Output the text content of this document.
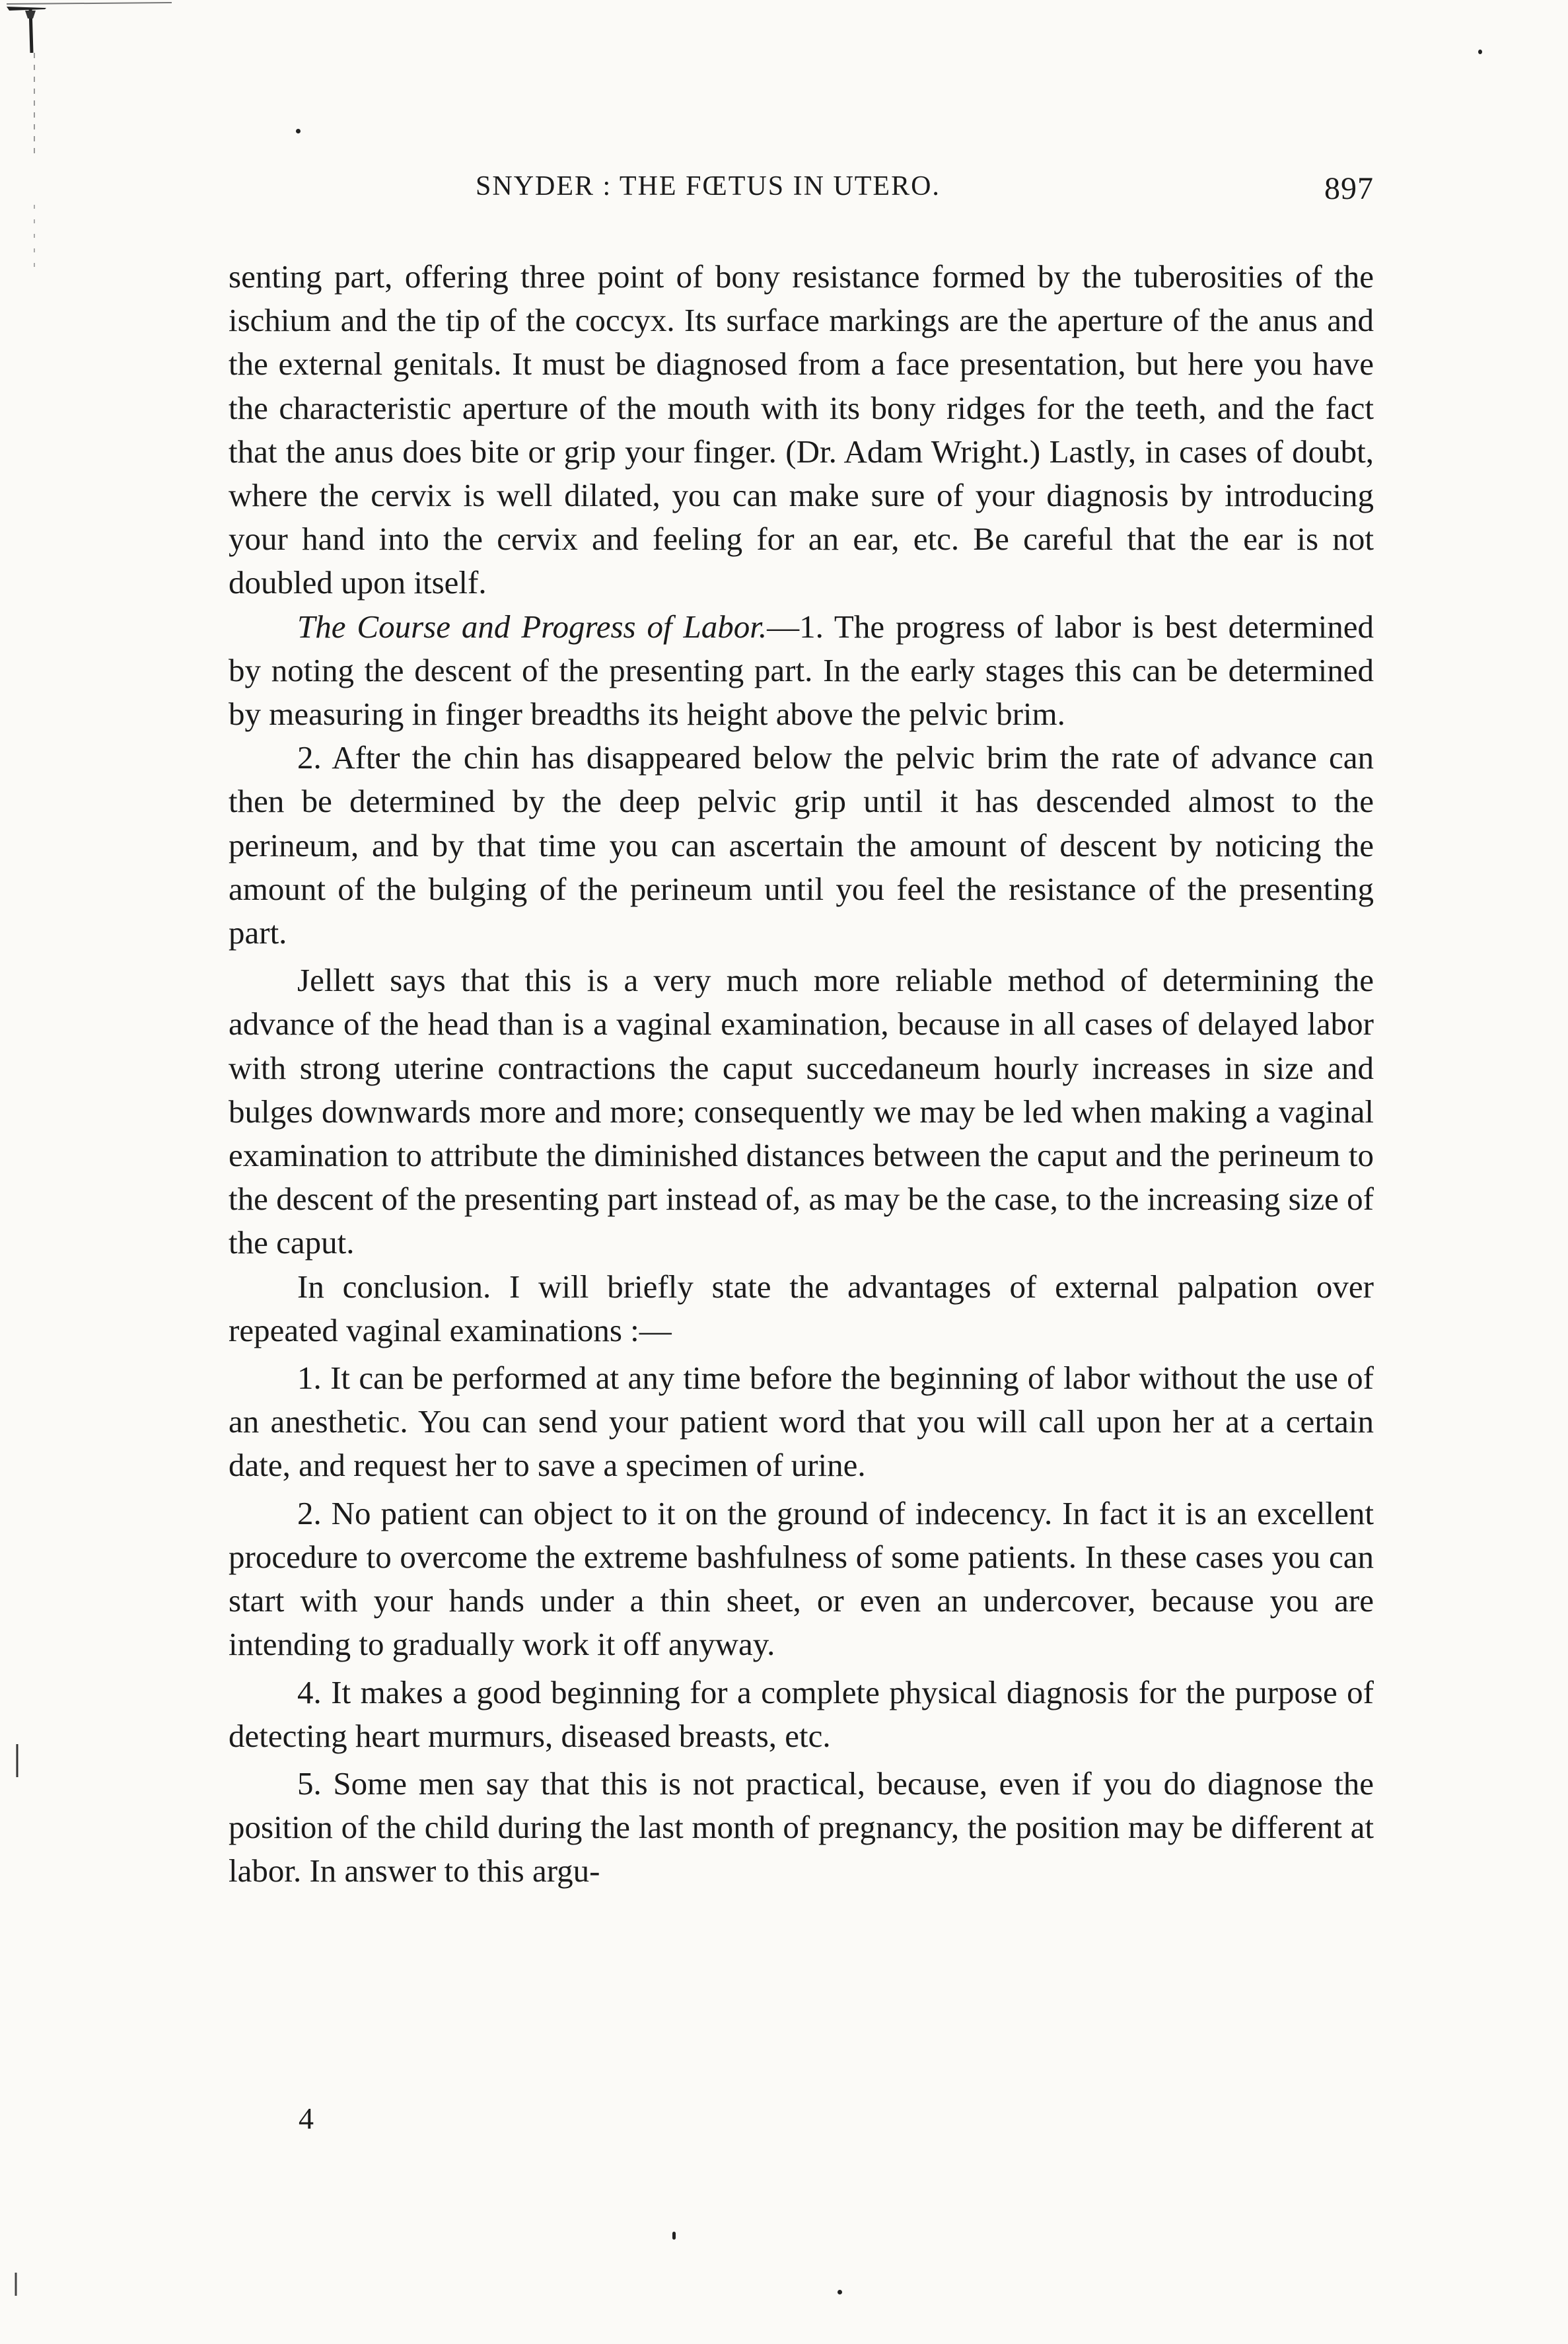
SNYDER : THE FŒTUS IN UTERO.	897

senting part, offering three point of bony resistance formed by the tuberosities of the ischium and the tip of the coccyx. Its surface markings are the aperture of the anus and the external genitals. It must be diagnosed from a face presentation, but here you have the characteristic aperture of the mouth with its bony ridges for the teeth, and the fact that the anus does bite or grip your finger. (Dr. Adam Wright.) Lastly, in cases of doubt, where the cervix is well dilated, you can make sure of your diagnosis by introducing your hand into the cervix and feeling for an ear, etc. Be careful that the ear is not doubled upon itself.

The Course and Progress of Labor.—1. The progress of labor is best determined by noting the descent of the presenting part. In the early stages this can be determined by measuring in finger breadths its height above the pelvic brim.

2. After the chin has disappeared below the pelvic brim the rate of advance can then be determined by the deep pelvic grip until it has descended almost to the perineum, and by that time you can ascertain the amount of descent by noticing the amount of the bulging of the perineum until you feel the resistance of the presenting part.

Jellett says that this is a very much more reliable method of determining the advance of the head than is a vaginal examination, because in all cases of delayed labor with strong uterine contractions the caput succedaneum hourly increases in size and bulges downwards more and more; consequently we may be led when making a vaginal examination to attribute the diminished distances between the caput and the perineum to the descent of the presenting part instead of, as may be the case, to the increasing size of the caput.

In conclusion. I will briefly state the advantages of external palpation over repeated vaginal examinations :—

1. It can be performed at any time before the beginning of labor without the use of an anesthetic. You can send your patient word that you will call upon her at a certain date, and request her to save a specimen of urine.

2. No patient can object to it on the ground of indecency. In fact it is an excellent procedure to overcome the extreme bashfulness of some patients. In these cases you can start with your hands under a thin sheet, or even an undercover, because you are intending to gradually work it off anyway.

4. It makes a good beginning for a complete physical diagnosis for the purpose of detecting heart murmurs, diseased breasts, etc.

5. Some men say that this is not practical, because, even if you do diagnose the position of the child during the last month of pregnancy, the position may be different at labor. In answer to this argu-

4
